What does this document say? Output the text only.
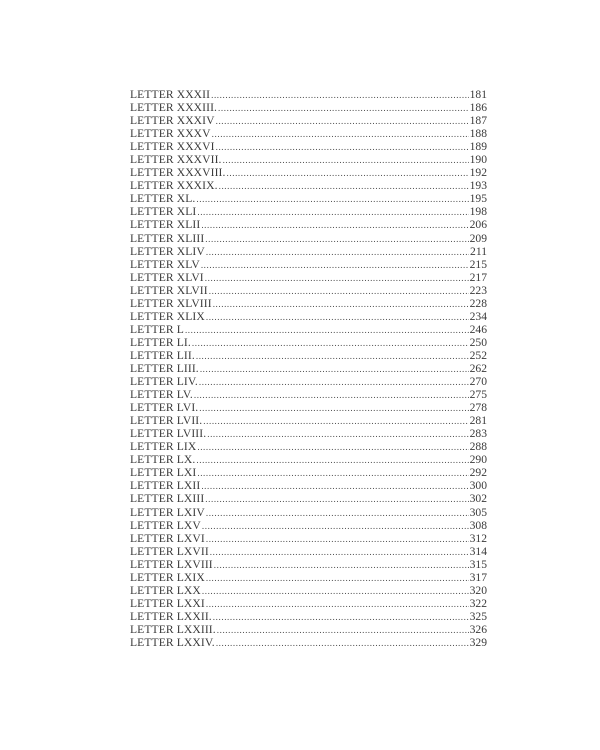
LETTER XXXII .....	181
LETTER XXXIII. .....	186
LETTER XXXIV .....	187
LETTER XXXV .....	188
LETTER XXXVI .....	189
LETTER XXXVII. .....	190
LETTER XXXVIII. .....	192
LETTER XXXIX. .....	193
LETTER XL. .....	195
LETTER XLI .....	198
LETTER XLII .....	206
LETTER XLIII .....	209
LETTER XLIV .....	211
LETTER XLV .....	215
LETTER XLVI .....	217
LETTER XLVII .....	223
LETTER XLVIII .....	228
LETTER XLIX .....	234
LETTER L .....	246
LETTER LI. .....	250
LETTER LII. .....	252
LETTER LIII. .....	262
LETTER LIV. .....	270
LETTER LV. .....	275
LETTER LVI. .....	278
LETTER LVII. .....	281
LETTER LVIII. .....	283
LETTER LIX .....	288
LETTER LX. .....	290
LETTER LXI .....	292
LETTER LXII .....	300
LETTER LXIII .....	302
LETTER LXIV .....	305
LETTER LXV .....	308
LETTER LXVI .....	312
LETTER LXVII .....	314
LETTER LXVIII .....	315
LETTER LXIX .....	317
LETTER LXX .....	320
LETTER LXXI .....	322
LETTER LXXII. .....	325
LETTER LXXIII. .....	326
LETTER LXXIV. .....	329
